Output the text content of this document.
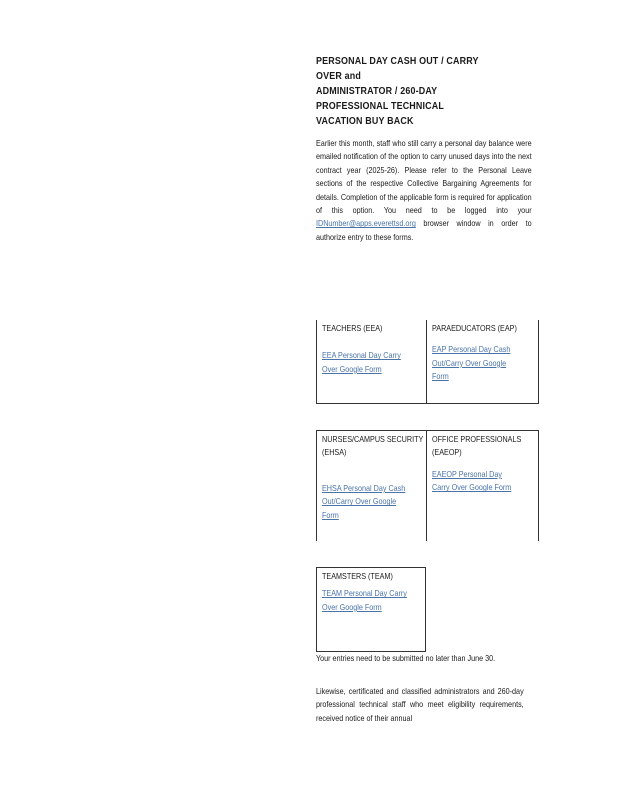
PERSONAL DAY CASH OUT / CARRY
OVER and
ADMINISTRATOR / 260-DAY
PROFESSIONAL TECHNICAL
VACATION BUY BACK

Earlier this month, staff who still carry a personal day balance were emailed notification of the option to carry unused days into the next contract year (2025-26). Please refer to the Personal Leave sections of the respective Collective Bargaining Agreements for details. Completion of the applicable form is required for application of this option. You need to be logged into your IDNumber@apps.everettsd.org browser window in order to authorize entry to these forms.

TEACHERS (EEA)
EEA Personal Day Carry Over Google Form
PARAEDUCATORS (EAP)
EAP Personal Day Cash Out/Carry Over Google Form
NURSES/CAMPUS SECURITY (EHSA)
EHSA Personal Day Cash Out/Carry Over Google Form
OFFICE PROFESSIONALS (EAEOP)
EAEOP Personal Day Carry Over Google Form
TEAMSTERS (TEAM)
TEAM Personal Day Carry Over Google Form

Your entries need to be submitted no later than June 30.

Likewise, certificated and classified administrators and 260-day professional technical staff who meet eligibility requirements, received notice of their annual
